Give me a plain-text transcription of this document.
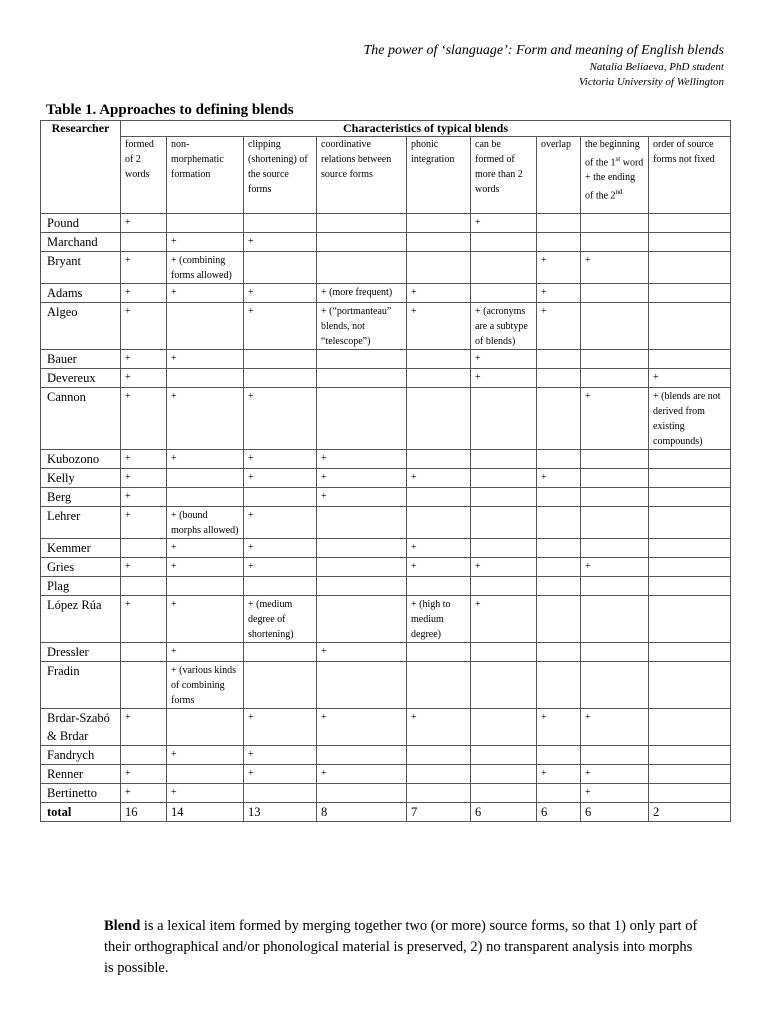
The power of ‘slanguage’: Form and meaning of English blends
Natalia Beliaeva, PhD student
Victoria University of Wellington
Table 1. Approaches to defining blends
Researcher	Characteristics of typical blends								
	formed of 2 words	non-morphematic formation	clipping (shortening) of the source forms	coordinative relations between source forms	phonic integration	can be formed of more than 2 words	overlap	the beginning of the 1st word + the ending of the 2nd	order of source forms not fixed
Pound	+					+			
Marchand		+	+						
Bryant	+	+ (combining forms allowed)					+	+	
Adams	+	+	+	+ (more frequent)	+		+		
Algeo	+		+	+ (“portmanteau” blends, not “telescope”)	+	+ (acronyms are a subtype of blends)	+		
Bauer	+	+				+			
Devereux	+					+			+
Cannon	+	+	+					+	+ (blends are not derived from existing compounds)
Kubozono	+	+	+	+					
Kelly	+		+	+	+		+		
Berg	+			+					
Lehrer	+	+ (bound morphs allowed)	+						
Kemmer		+	+		+				
Gries	+	+	+		+	+		+	
Plag									
López Rúa	+	+	+ (medium degree of shortening)		+ (high to medium degree)	+			
Dressler		+		+					
Fradin		+ (various kinds of combining forms							
Brdar-Szabó & Brdar	+		+	+	+		+	+	
Fandrych		+	+						
Renner	+		+	+			+	+	
Bertinetto	+	+						+	
total	16	14	13	8	7	6	6	6	2
Blend is a lexical item formed by merging together two (or more) source forms, so that 1) only part of their orthographical and/or phonological material is preserved, 2) no transparent analysis into morphs is possible.
